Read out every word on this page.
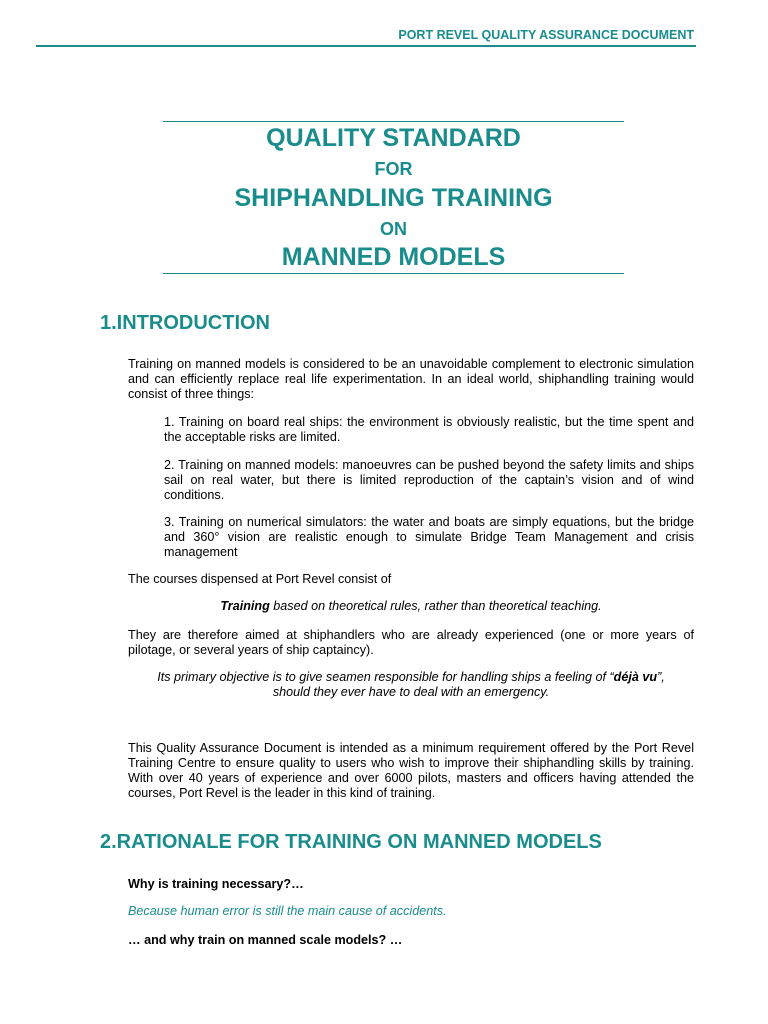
PORT REVEL QUALITY ASSURANCE DOCUMENT
QUALITY STANDARD
FOR
SHIPHANDLING TRAINING
ON
MANNED MODELS
1.INTRODUCTION
Training on manned models is considered to be an unavoidable complement to electronic simulation and can efficiently replace real life experimentation. In an ideal world, shiphandling training would consist of three things:
1. Training on board real ships: the environment is obviously realistic, but the time spent and the acceptable risks are limited.
2. Training on manned models: manoeuvres can be pushed beyond the safety limits and ships sail on real water, but there is limited reproduction of the captain’s vision and of wind conditions.
3. Training on numerical simulators: the water and boats are simply equations, but the bridge and 360° vision are realistic enough to simulate Bridge Team Management and crisis management
The courses dispensed at Port Revel consist of
Training based on theoretical rules, rather than theoretical teaching.
They are therefore aimed at shiphandlers who are already experienced (one or more years of pilotage, or several years of ship captaincy).
Its primary objective is to give seamen responsible for handling ships a feeling of “déjà vu”,
should they ever have to deal with an emergency.
This Quality Assurance Document is intended as a minimum requirement offered by the Port Revel Training Centre to ensure quality to users who wish to improve their shiphandling skills by training. With over 40 years of experience and over 6000 pilots, masters and officers having attended the courses, Port Revel is the leader in this kind of training.
2.RATIONALE FOR TRAINING ON MANNED MODELS
Why is training necessary?…
Because human error is still the main cause of accidents.
… and why train on manned scale models? …
